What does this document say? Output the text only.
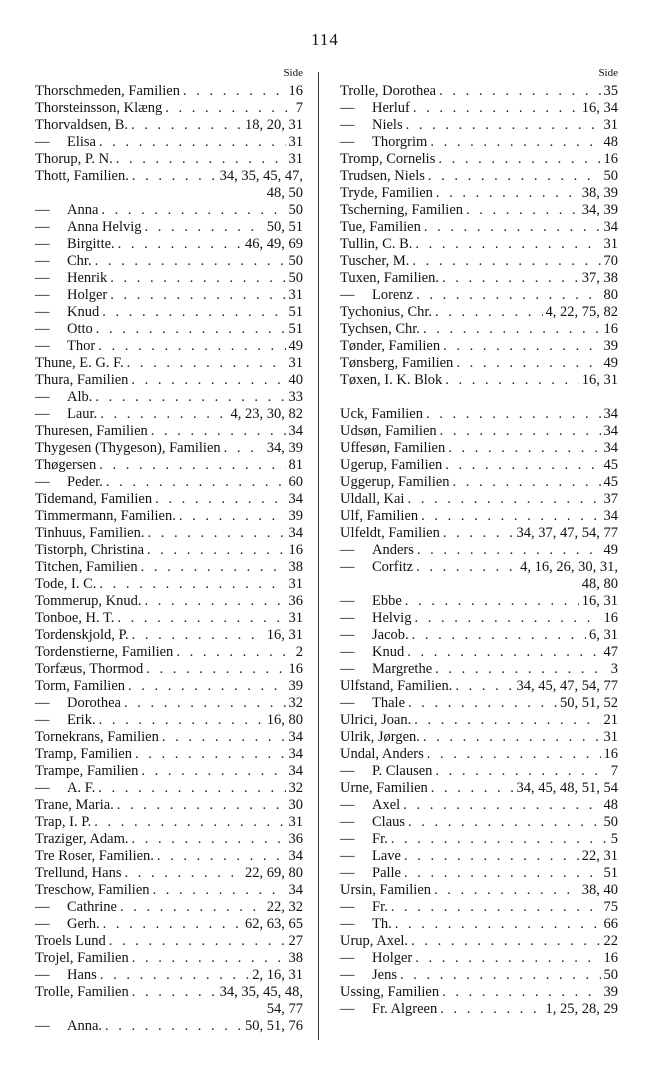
114
Side
Thorschmeden, Familien . . .	16
Thorsteinsson, Klæng . . .	7
Thorvaldsen, B. . . .	18, 20, 31
—	Elisa . . .	31
Thorup, P. N. . . .	31
Thott, Familien. . . .	34, 35, 45, 47,
48, 50
—	Anna . . .	50
—	Anna Helvig . . .	50, 51
—	Birgitte. . . .	46, 49, 69
—	Chr. . . .	50
—	Henrik . . .	50
—	Holger . . .	31
—	Knud . . .	51
—	Otto . . .	51
—	Thor . . .	49
Thune, E. G. F. . . .	31
Thura, Familien . . .	40
—	Alb. . . .	33
—	Laur. . . .	4, 23, 30, 82
Thuresen, Familien . . .	34
Thygesen (Thygeson), Familien . . .	34, 39
Thøgersen . . .	81
—	Peder. . . .	60
Tidemand, Familien . . .	34
Timmermann, Familien. . . .	39
Tinhuus, Familien. . . .	34
Tistorph, Christina . . .	16
Titchen, Familien . . .	38
Tode, I. C. . . .	31
Tommerup, Knud. . . .	36
Tonboe, H. T. . . .	31
Tordenskjold, P. . . .	16, 31
Tordenstierne, Familien . . .	2
Torfæus, Thormod . . .	16
Torm, Familien . . .	39
—	Dorothea . . .	32
—	Erik. . . .	16, 80
Tornekrans, Familien . . .	34
Tramp, Familien . . .	34
Trampe, Familien . . .	34
—	A. F. . . .	32
Trane, Maria. . . .	30
Trap, I. P. . . .	31
Traziger, Adam. . . .	36
Tre Roser, Familien. . . .	34
Trellund, Hans . . .	22, 69, 80
Treschow, Familien . . .	34
—	Cathrine . . .	22, 32
—	Gerh. . . .	62, 63, 65
Troels Lund . . .	27
Trojel, Familien . . .	38
—	Hans . . .	2, 16, 31
Trolle, Familien . . .	34, 35, 45, 48,
54, 77
—	Anna. . . .	50, 51, 76
Side
Trolle, Dorothea . . .	35
—	Herluf . . .	16, 34
—	Niels . . .	31
—	Thorgrim . . .	48
Tromp, Cornelis . . .	16
Trudsen, Niels . . .	50
Tryde, Familien . . .	38, 39
Tscherning, Familien . . .	34, 39
Tue, Familien . . .	34
Tullin, C. B. . . .	31
Tuscher, M. . . .	70
Tuxen, Familien. . . .	37, 38
—	Lorenz . . .	80
Tychonius, Chr. . . .	4, 22, 75, 82
Tychsen, Chr. . . .	16
Tønder, Familien . . .	39
Tønsberg, Familien . . .	49
Tøxen, I. K. Blok . . .	16, 31
Uck, Familien . . .	34
Udsøn, Familien . . .	34
Uffesøn, Familien . . .	34
Ugerup, Familien . . .	45
Uggerup, Familien . . .	45
Uldall, Kai . . .	37
Ulf, Familien . . .	34
Ulfeldt, Familien . . .	34, 37, 47, 54, 77
—	Anders . . .	49
—	Corfitz . . .	4, 16, 26, 30, 31,
48, 80
—	Ebbe . . .	16, 31
—	Helvig . . .	16
—	Jacob. . . .	6, 31
—	Knud . . .	47
—	Margrethe . . .	3
Ulfstand, Familien. . . .	34, 45, 47, 54, 77
—	Thale . . .	50, 51, 52
Ulrici, Joan. . . .	21
Ulrik, Jørgen. . . .	31
Undal, Anders . . .	16
—	P. Clausen . . .	7
Urne, Familien . . .	34, 45, 48, 51, 54
—	Axel . . .	48
—	Claus . . .	50
—	Fr. . . .	5
—	Lave . . .	22, 31
—	Palle . . .	51
Ursin, Familien . . .	38, 40
—	Fr. . . .	75
—	Th. . . .	66
Urup, Axel. . . .	22
—	Holger . . .	16
—	Jens . . .	50
Ussing, Familien . . .	39
—	Fr. Algreen . . .	1, 25, 28, 29
